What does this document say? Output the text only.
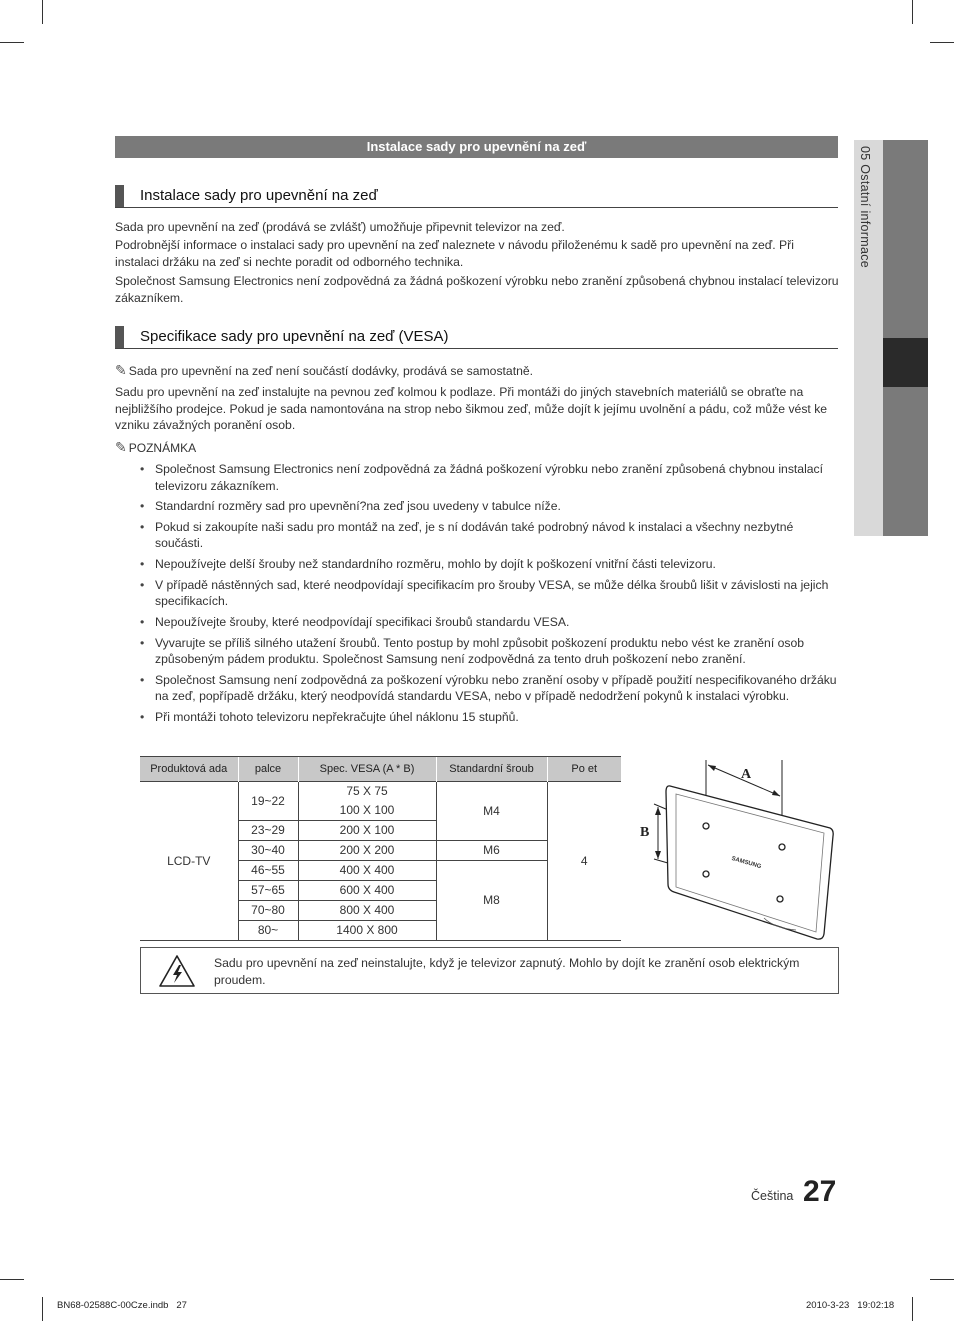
05 Ostatní informace
Instalace sady pro upevnění na zeď
Instalace sady pro upevnění na zeď
Sada pro upevnění na zeď (prodává se zvlášť) umožňuje připevnit televizor na zeď.
Podrobnější informace o instalaci sady pro upevnění na zeď naleznete v návodu přiloženému k sadě pro upevnění na zeď. Při instalaci držáku na zeď si nechte poradit od odborného technika.
Společnost Samsung Electronics není zodpovědná za žádná poškození výrobku nebo zranění způsobená chybnou instalací televizoru zákazníkem.
Specifikace sady pro upevnění na zeď (VESA)
✎ Sada pro upevnění na zeď není součástí dodávky, prodává se samostatně.
Sadu pro upevnění na zeď instalujte na pevnou zeď kolmou k podlaze. Při montáži do jiných stavebních materiálů se obraťte na nejbližšího prodejce. Pokud je sada namontována na strop nebo šikmou zeď, může dojít k jejímu uvolnění a pádu, což může vést ke vzniku závažných poranění osob.
✎ POZNÁMKA
• Společnost Samsung Electronics není zodpovědná za žádná poškození výrobku nebo zranění způsobená chybnou instalací televizoru zákazníkem.
• Standardní rozměry sad pro upevnění?na zeď jsou uvedeny v tabulce níže.
• Pokud si zakoupíte naši sadu pro montáž na zeď, je s ní dodáván také podrobný návod k instalaci a všechny nezbytné součásti.
• Nepoužívejte delší šrouby než standardního rozměru, mohlo by dojít k poškození vnitřní části televizoru.
• V případě nástěnných sad, které neodpovídají specifikacím pro šrouby VESA, se může délka šroubů lišit v závislosti na jejich specifikacích.
• Nepoužívejte šrouby, které neodpovídají specifikaci šroubů standardu VESA.
• Vyvarujte se příliš silného utažení šroubů. Tento postup by mohl způsobit poškození produktu nebo vést ke zranění osob způsobeným pádem produktu. Společnost Samsung není zodpovědná za tento druh poškození nebo zranění.
• Společnost Samsung není zodpovědná za poškození výrobku nebo zranění osoby v případě použití nespecifikovaného držáku na zeď, popřípadě držáku, který neodpovídá standardu VESA, nebo v případě nedodržení pokynů k instalaci výrobku.
• Při montáži tohoto televizoru nepřekračujte úhel náklonu 15 stupňů.
Produktová ada	palce	Spec. VESA (A * B)	Standardní šroub	Po et
LCD-TV	19~22	75 X 75	M4	4
		100 X 100		
	23~29	200 X 100		
	30~40	200 X 200	M6	
	46~55	400 X 400	M8	
	57~65	600 X 400		
	70~80	800 X 400		
	80~	1400 X 800		
A
B
SAMSUNG
Sadu pro upevnění na zeď neinstalujte, když je televizor zapnutý. Mohlo by dojít ke zranění osob elektrickým proudem.
Čeština 27
BN68-02588C-00Cze.indb   27	2010-3-23   19:02:18
